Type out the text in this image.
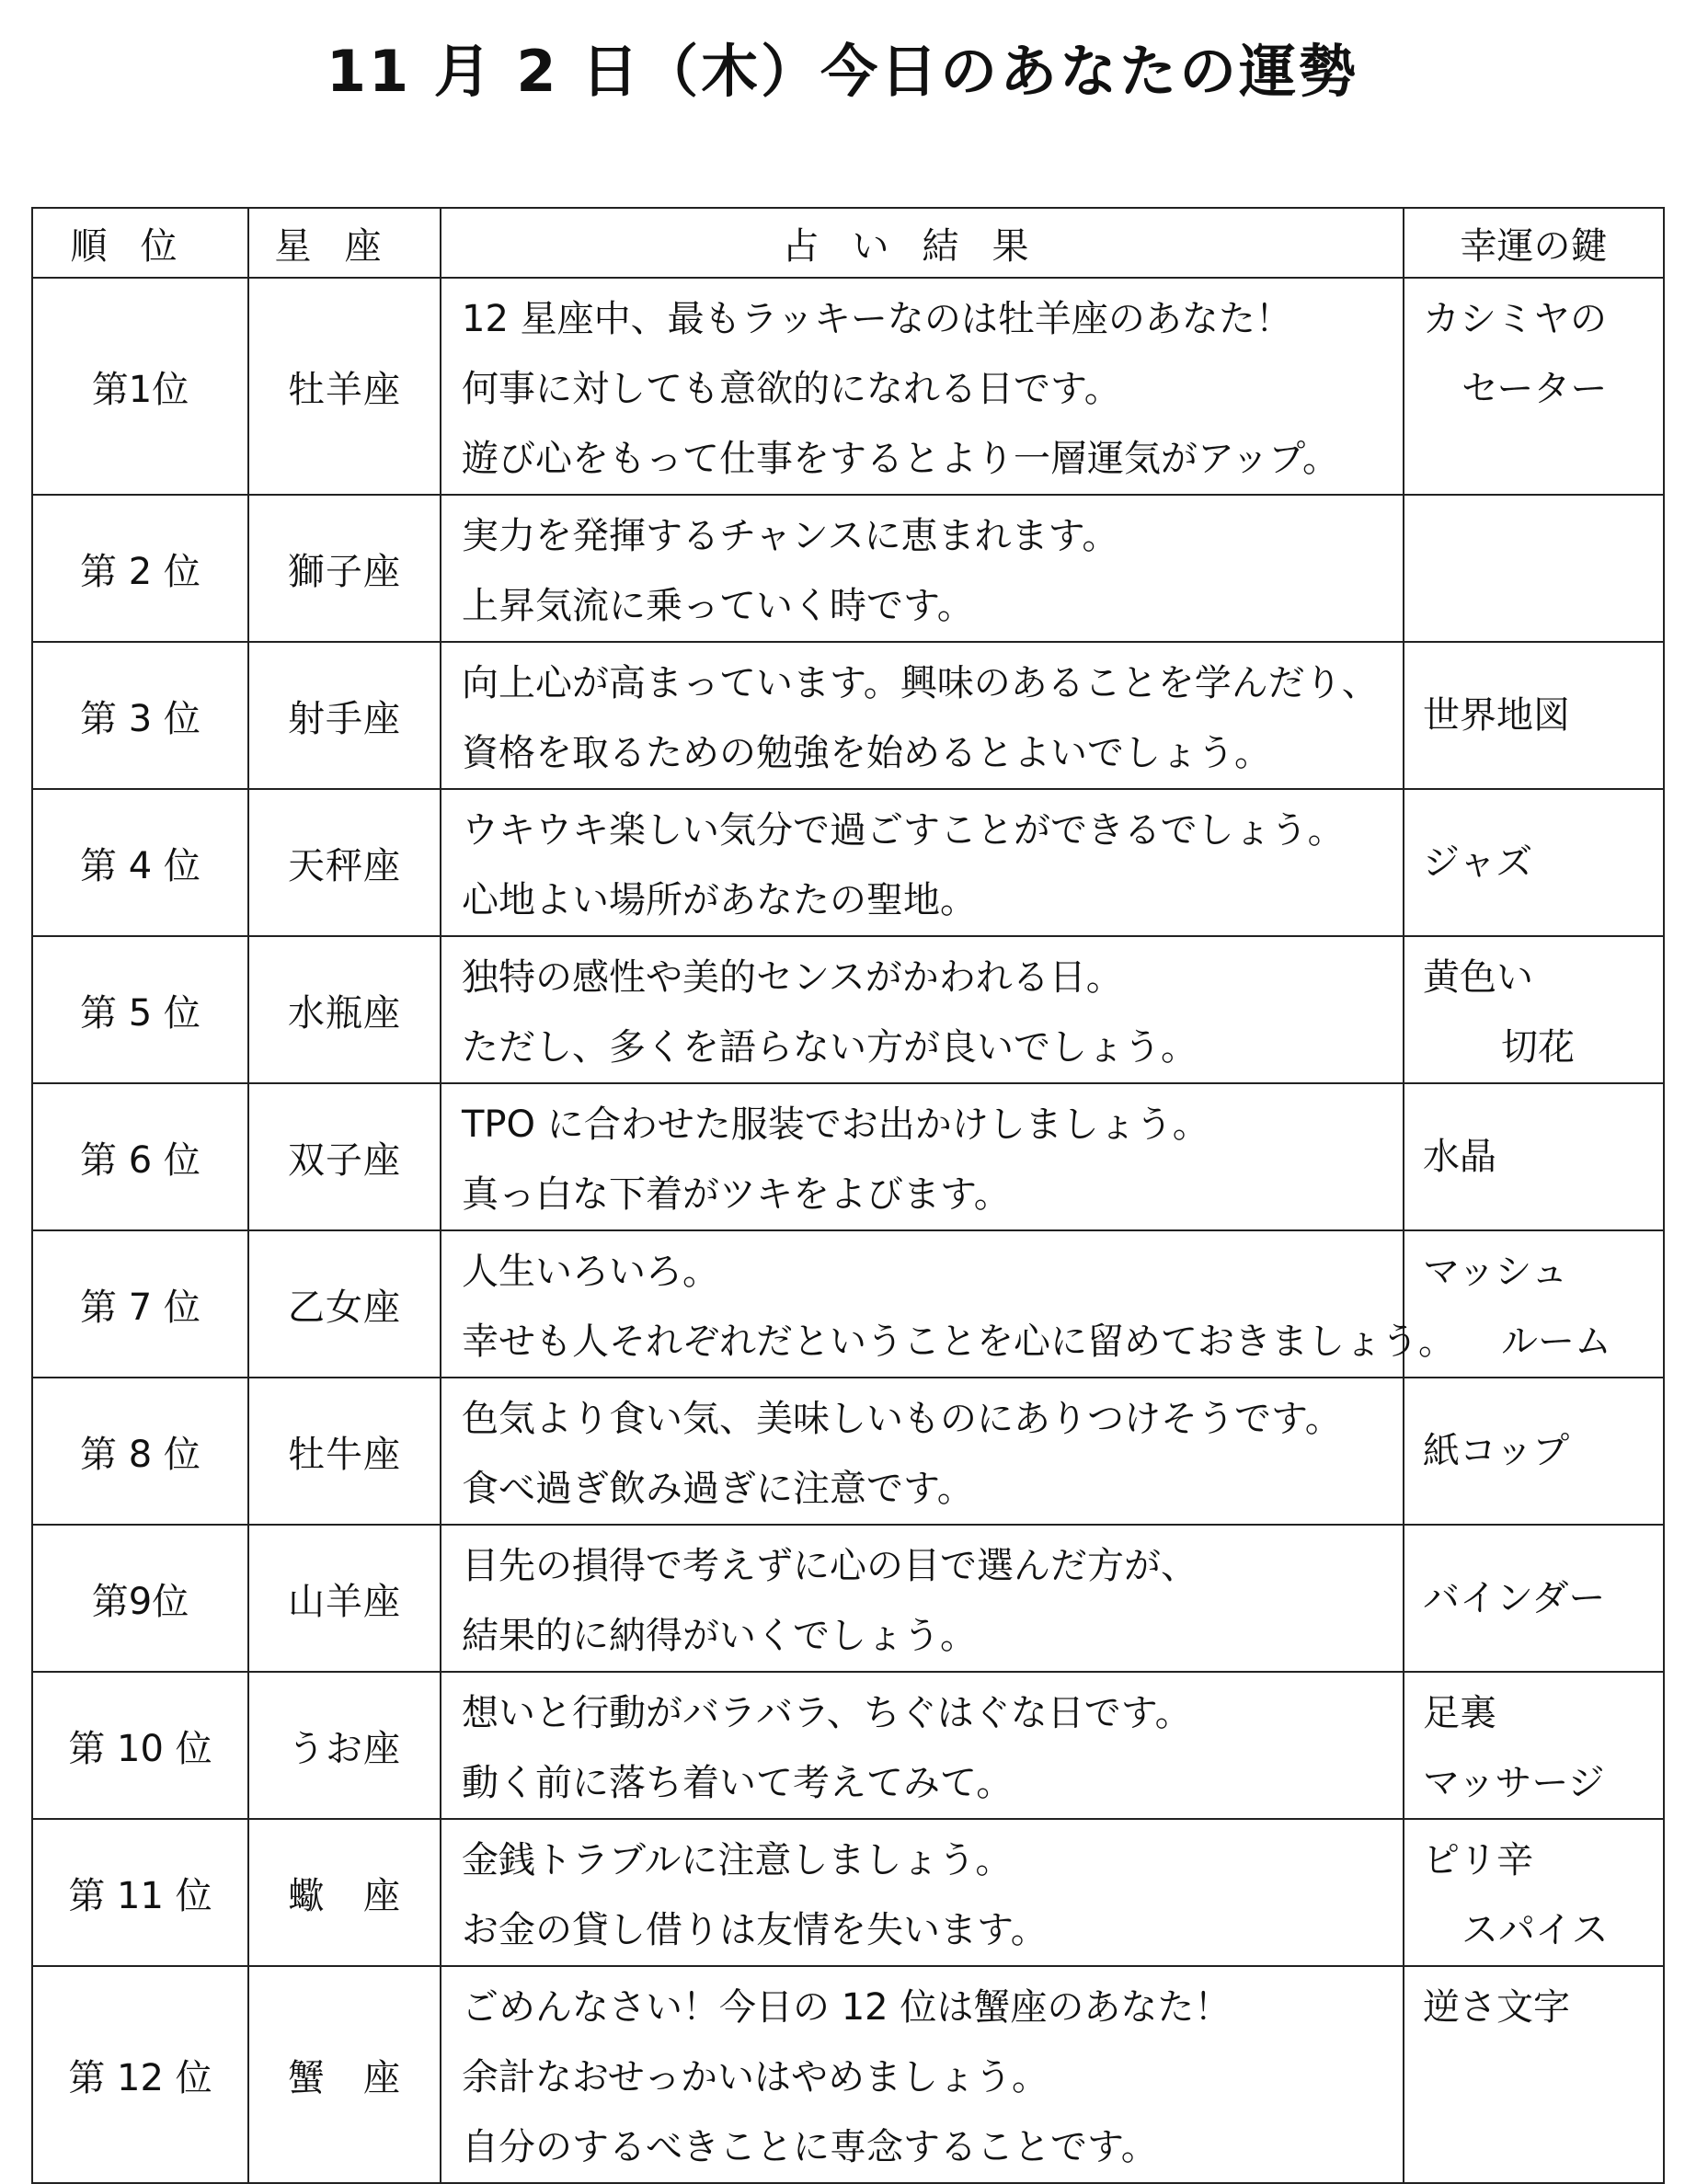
11 月 2 日（木）今日のあなたの運勢
順位	星座	占い結果	幸運の鍵
第1位	牡羊座	12 星座中、最もラッキーなのは牡羊座のあなた！
何事に対しても意欲的になれる日です。
遊び心をもって仕事をするとより一層運気がアップ。	カシミヤの
セーター

第 2 位	獅子座	実力を発揮するチャンスに恵まれます。
上昇気流に乗っていく時です。	

第 3 位	射手座	向上心が高まっています。興味のあることを学んだり、
資格を取るための勉強を始めるとよいでしょう。	世界地図

第 4 位	天秤座	ウキウキ楽しい気分で過ごすことができるでしょう。
心地よい場所があなたの聖地。	ジャズ

第 5 位	水瓶座	独特の感性や美的センスがかわれる日。
ただし、多くを語らない方が良いでしょう。	黄色い
切花

第 6 位	双子座	TPO に合わせた服装でお出かけしましょう。
真っ白な下着がツキをよびます。	水晶

第 7 位	乙女座	人生いろいろ。
幸せも人それぞれだということを心に留めておきましょう。	マッシュ
ルーム

第 8 位	牡牛座	色気より食い気、美味しいものにありつけそうです。
食べ過ぎ飲み過ぎに注意です。	紙コップ

第9位	山羊座	目先の損得で考えずに心の目で選んだ方が、
結果的に納得がいくでしょう。	バインダー

第 10 位	うお座	想いと行動がバラバラ、ちぐはぐな日です。
動く前に落ち着いて考えてみて。	足裏
マッサージ

第 11 位	蠍　座	金銭トラブルに注意しましょう。
お金の貸し借りは友情を失います。	ピリ辛
スパイス

第 12 位	蟹　座	ごめんなさい！今日の 12 位は蟹座のあなた！
余計なおせっかいはやめましょう。
自分のするべきことに専念することです。	逆さ文字
